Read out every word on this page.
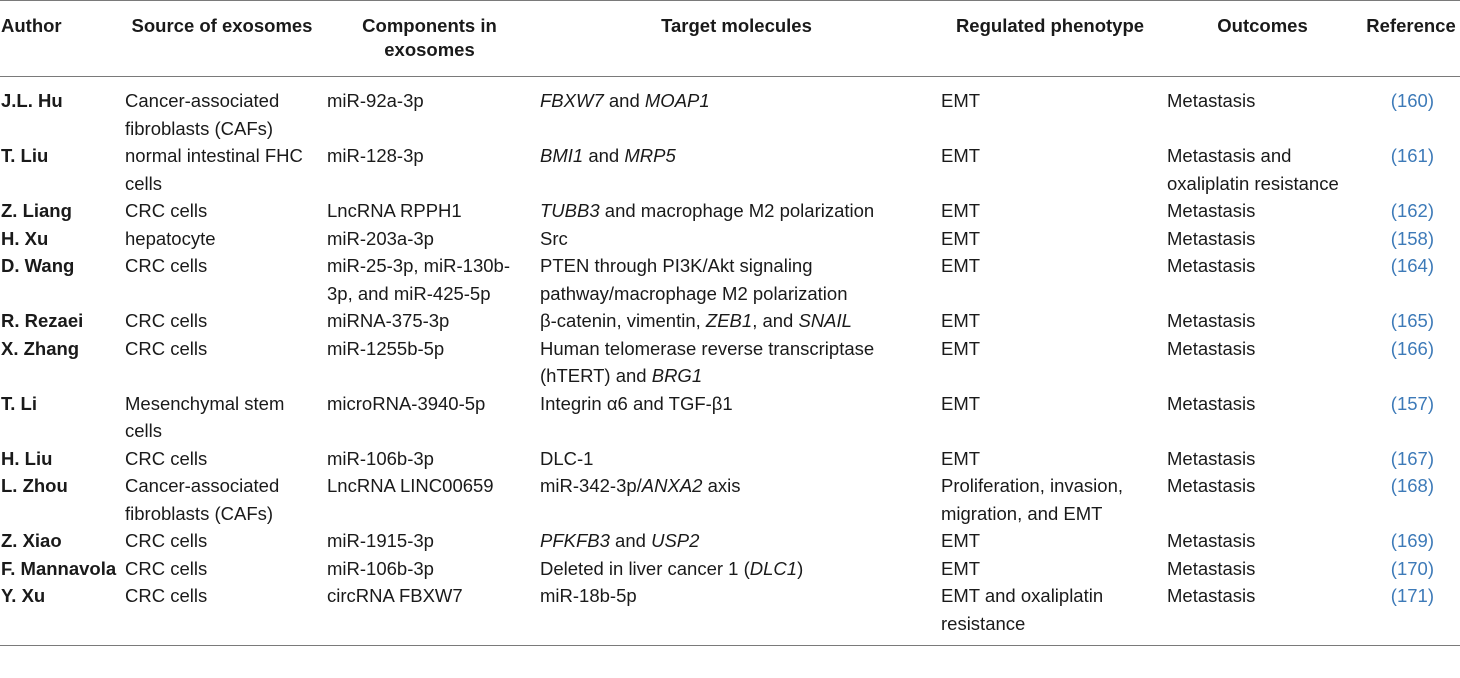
Author	Source of exosomes	Components in exosomes	Target molecules	Regulated phenotype	Outcomes	Reference
J.L. Hu	Cancer-associated fibroblasts (CAFs)	miR-92a-3p	FBXW7 and MOAP1	EMT	Metastasis	(160)
T. Liu	normal intestinal FHC cells	miR-128-3p	BMI1 and MRP5	EMT	Metastasis and oxaliplatin resistance	(161)
Z. Liang	CRC cells	LncRNA RPPH1	TUBB3 and macrophage M2 polarization	EMT	Metastasis	(162)
H. Xu	hepatocyte	miR-203a-3p	Src	EMT	Metastasis	(158)
D. Wang	CRC cells	miR-25-3p, miR-130b-3p, and miR-425-5p	PTEN through PI3K/Akt signaling pathway/macrophage M2 polarization	EMT	Metastasis	(164)
R. Rezaei	CRC cells	miRNA-375-3p	β-catenin, vimentin, ZEB1, and SNAIL	EMT	Metastasis	(165)
X. Zhang	CRC cells	miR-1255b-5p	Human telomerase reverse transcriptase (hTERT) and BRG1	EMT	Metastasis	(166)
T. Li	Mesenchymal stem cells	microRNA-3940-5p	Integrin α6 and TGF-β1	EMT	Metastasis	(157)
H. Liu	CRC cells	miR-106b-3p	DLC-1	EMT	Metastasis	(167)
L. Zhou	Cancer-associated fibroblasts (CAFs)	LncRNA LINC00659	miR-342-3p/ANXA2 axis	Proliferation, invasion, migration, and EMT	Metastasis	(168)
Z. Xiao	CRC cells	miR-1915-3p	PFKFB3 and USP2	EMT	Metastasis	(169)
F. Mannavola	CRC cells	miR-106b-3p	Deleted in liver cancer 1 (DLC1)	EMT	Metastasis	(170)
Y. Xu	CRC cells	circRNA FBXW7	miR-18b-5p	EMT and oxaliplatin resistance	Metastasis	(171)
